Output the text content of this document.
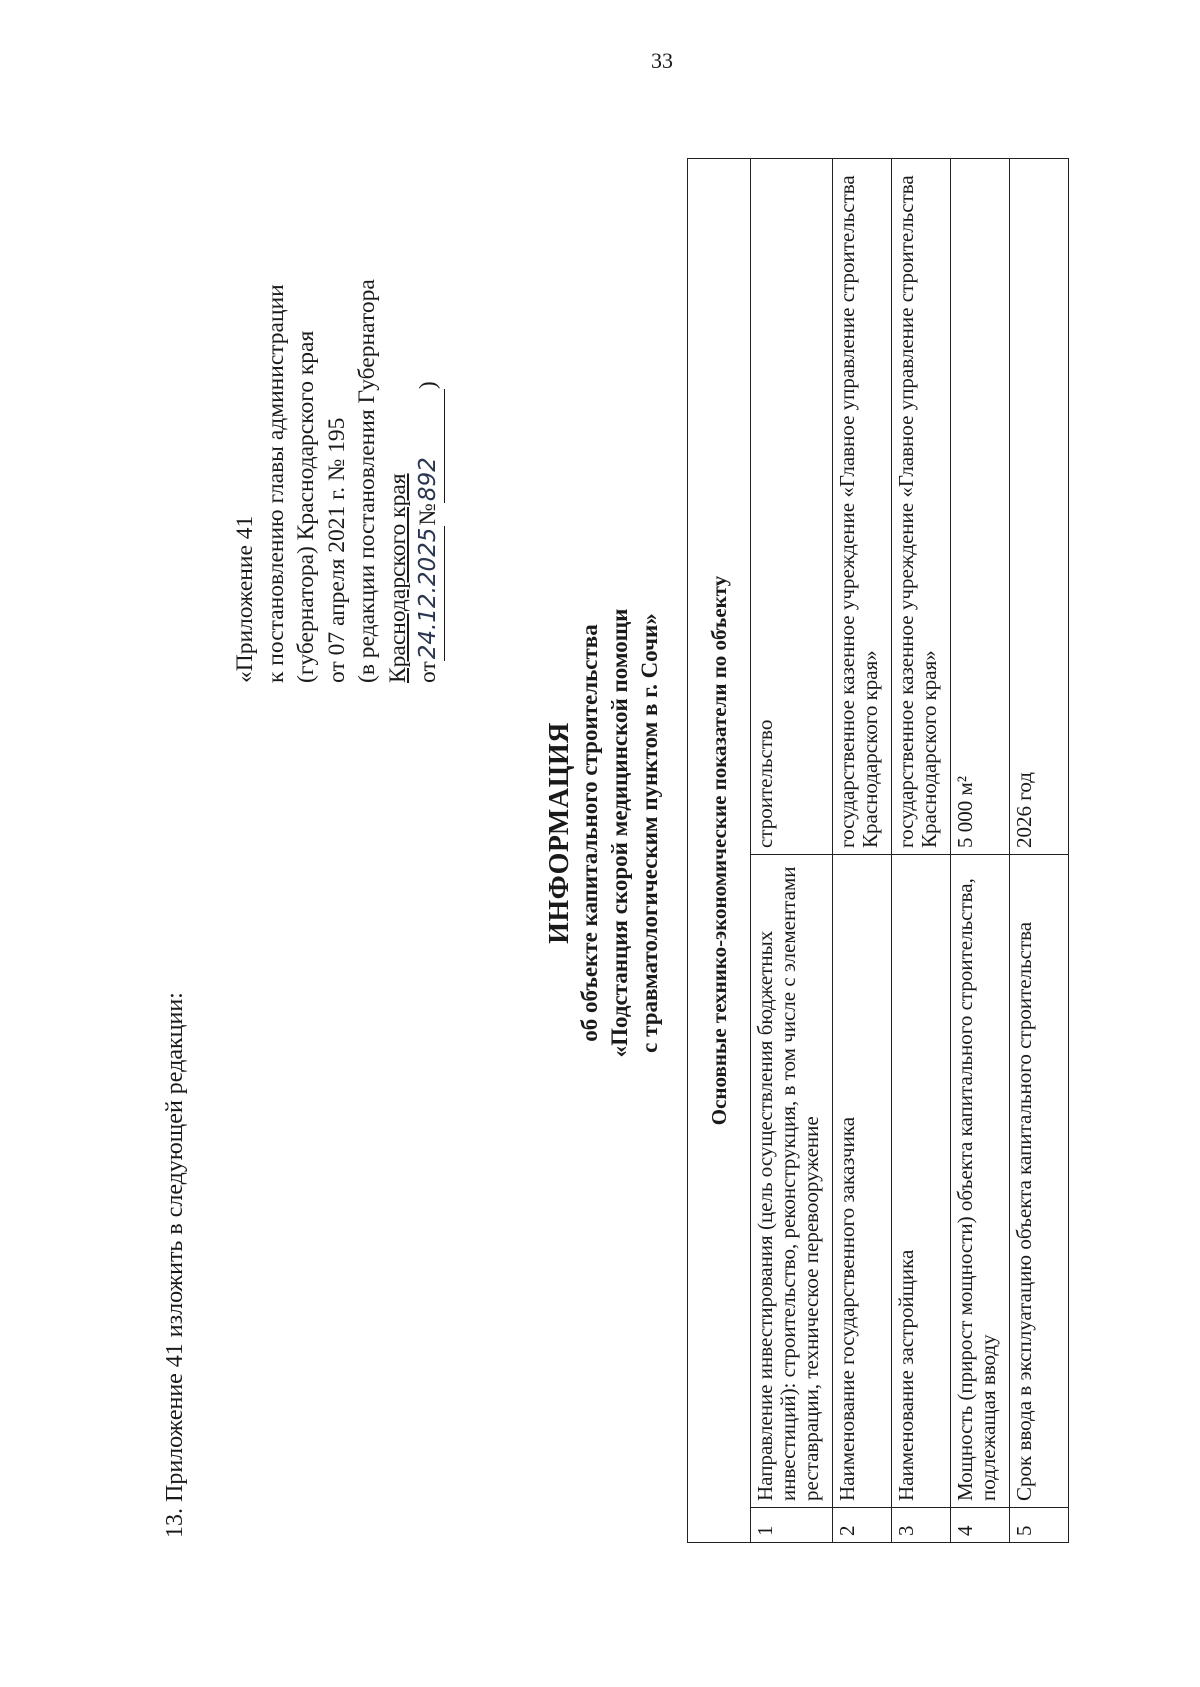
33
13. Приложение 41 изложить в следующей редакции:
«Приложение 41 к постановлению главы администрации (губернатора) Краснодарского края от 07 апреля 2021 г. № 195 (в редакции постановления Губернатора Краснодарского края от24.12.2025№892)
ИНФОРМАЦИЯ об объекте капитального строительства «Подстанция скорой медицинской помощи с травматологическим пунктом в г. Сочи» Основные технико-экономические показатели по объекту		
1	Направление инвестирования (цель осуществления бюджетных инвестиций): строительство, реконструкция, в том числе с элементами реставрации, техническое перевооружение	строительство
2	Наименование государственного заказчика	государственное казенное учреждение «Главное управление строительства Краснодарского края»
3	Наименование застройщика	государственное казенное учреждение «Главное управление строительства Краснодарского края»
4	Мощность (прирост мощности) объекта капитального строительства, подлежащая вводу	5 000 м²
5	Срок ввода в эксплуатацию объекта капитального строительства	2026 год
